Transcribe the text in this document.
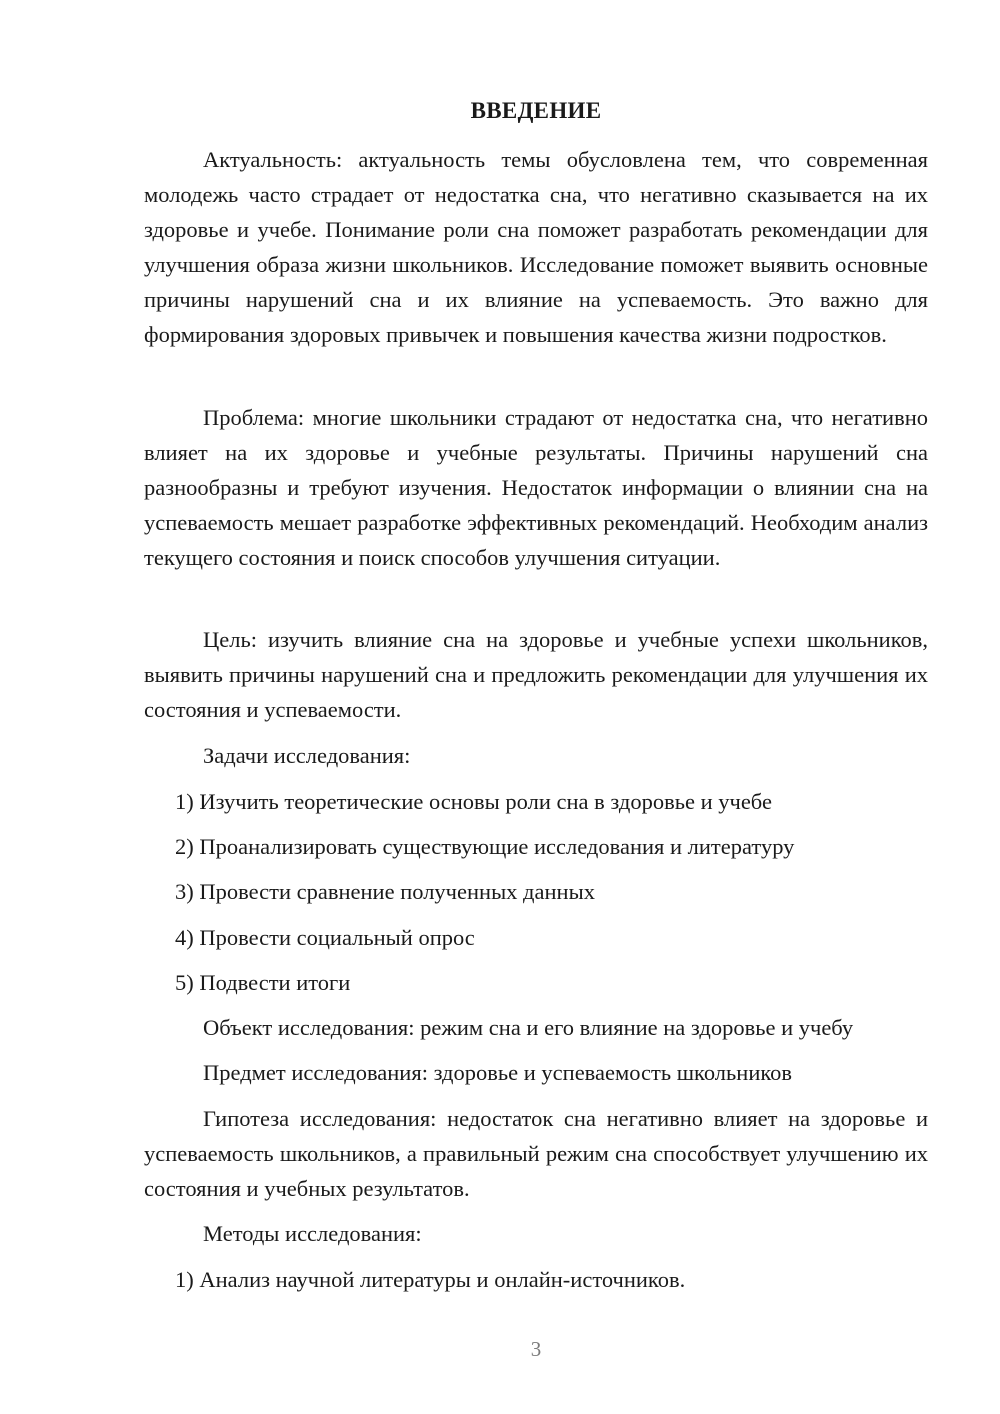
ВВЕДЕНИЕ

Актуальность: актуальность темы обусловлена тем, что современная молодежь часто страдает от недостатка сна, что негативно сказывается на их здоровье и учебе. Понимание роли сна поможет разработать рекомендации для улучшения образа жизни школьников. Исследование поможет выявить основные причины нарушений сна и их влияние на успеваемость. Это важно для формирования здоровых привычек и повышения качества жизни подростков.

Проблема: многие школьники страдают от недостатка сна, что негативно влияет на их здоровье и учебные результаты. Причины нарушений сна разнообразны и требуют изучения. Недостаток информации о влиянии сна на успеваемость мешает разработке эффективных рекомендаций. Необходим анализ текущего состояния и поиск способов улучшения ситуации.

Цель: изучить влияние сна на здоровье и учебные успехи школьников, выявить причины нарушений сна и предложить рекомендации для улучшения их состояния и успеваемости.

Задачи исследования:

1) Изучить теоретические основы роли сна в здоровье и учебе

2) Проанализировать существующие исследования и литературу

3) Провести сравнение полученных данных

4) Провести социальный опрос

5) Подвести итоги

Объект исследования: режим сна и его влияние на здоровье и учебу

Предмет исследования: здоровье и успеваемость школьников

Гипотеза исследования: недостаток сна негативно влияет на здоровье и успеваемость школьников, а правильный режим сна способствует улучшению их состояния и учебных результатов.

Методы исследования:

1) Анализ научной литературы и онлайн-источников.

3
